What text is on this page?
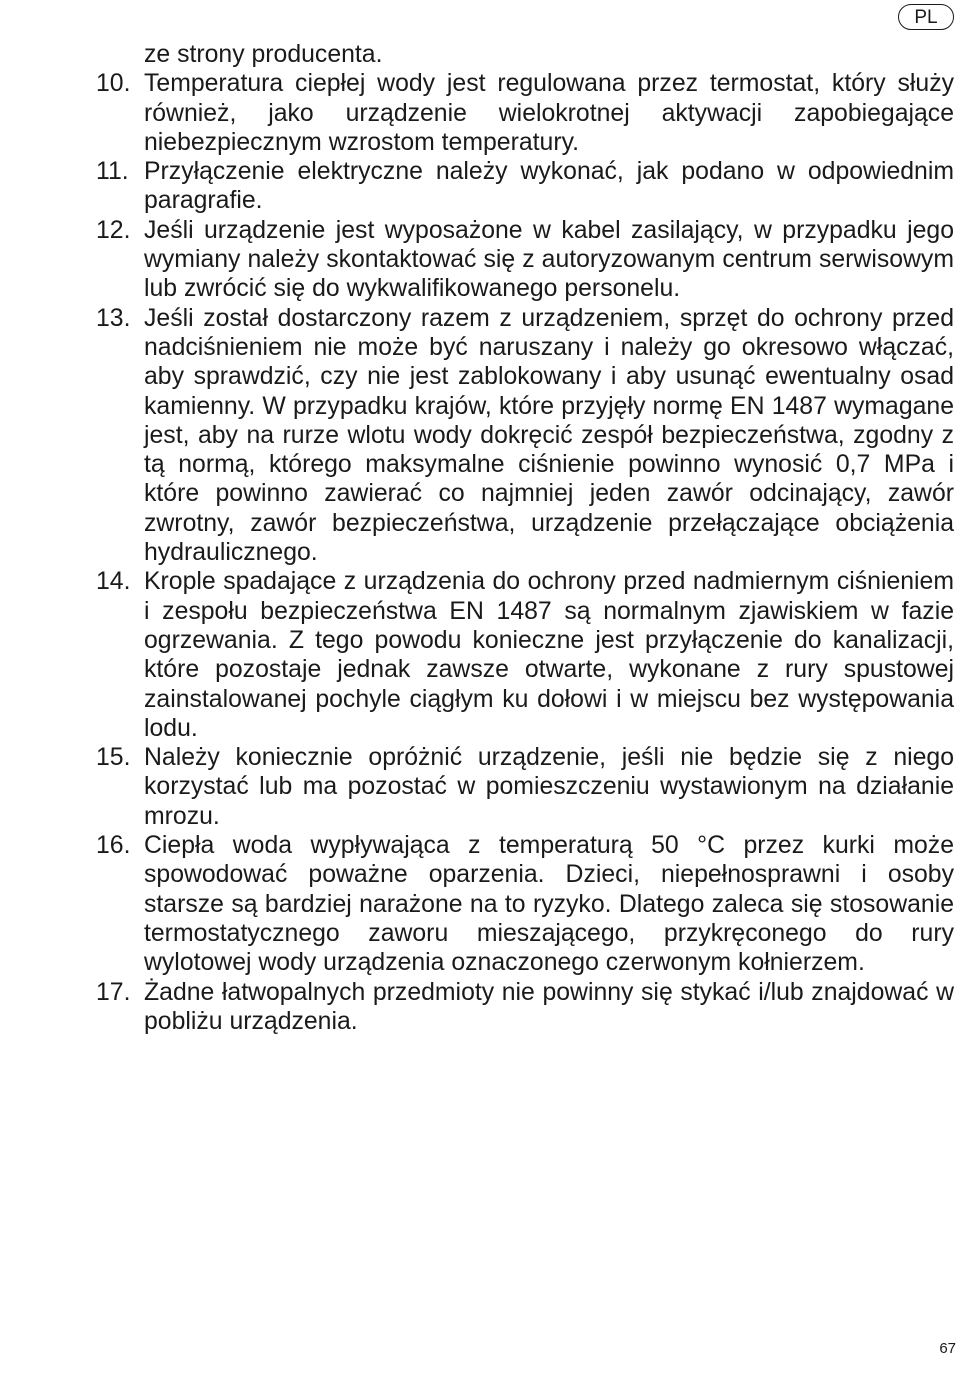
PL
ze strony producenta.
10. Temperatura ciepłej wody jest regulowana przez termostat, który służy również, jako urządzenie wielokrotnej aktywacji zapobiegające niebezpiecznym wzrostom temperatury.
11. Przyłączenie elektryczne należy wykonać, jak podano w odpowiednim paragrafie.
12. Jeśli urządzenie jest wyposażone w kabel zasilający, w przypadku jego wymiany należy skontaktować się z autoryzowanym centrum serwisowym lub zwrócić się do wykwalifikowanego personelu.
13. Jeśli został dostarczony razem z urządzeniem, sprzęt do ochrony przed nadciśnieniem nie może być naruszany i należy go okresowo włączać, aby sprawdzić, czy nie jest zablokowany i aby usunąć ewentualny osad kamienny. W przypadku krajów, które przyjęły normę EN 1487 wymagane jest, aby na rurze wlotu wody dokręcić zespół bezpieczeństwa, zgodny z tą normą, którego maksymalne ciśnienie powinno wynosić 0,7 MPa i które powinno zawierać co najmniej jeden zawór odcinający, zawór zwrotny, zawór bezpieczeństwa, urządzenie przełączające obciążenia hydraulicznego.
14. Krople spadające z urządzenia do ochrony przed nadmiernym ciśnieniem i zespołu bezpieczeństwa EN 1487 są normalnym zjawiskiem w fazie ogrzewania. Z tego powodu konieczne jest przyłączenie do kanalizacji, które pozostaje jednak zawsze otwarte, wykonane z rury spustowej zainstalowanej pochyle ciągłym ku dołowi i w miejscu bez występowania lodu.
15. Należy koniecznie opróżnić urządzenie, jeśli nie będzie się z niego korzystać lub ma pozostać w pomieszczeniu wystawionym na działanie mrozu.
16. Ciepła woda wypływająca z temperaturą 50 °C przez kurki może spowodować poważne oparzenia. Dzieci, niepełnosprawni i osoby starsze są bardziej narażone na to ryzyko. Dlatego zaleca się stosowanie termostatycznego zaworu mieszającego, przykręconego do rury wylotowej wody urządzenia oznaczonego czerwonym kołnierzem.
17. Żadne łatwopalnych przedmioty nie powinny się stykać i/lub znajdować w pobliżu urządzenia.
67
